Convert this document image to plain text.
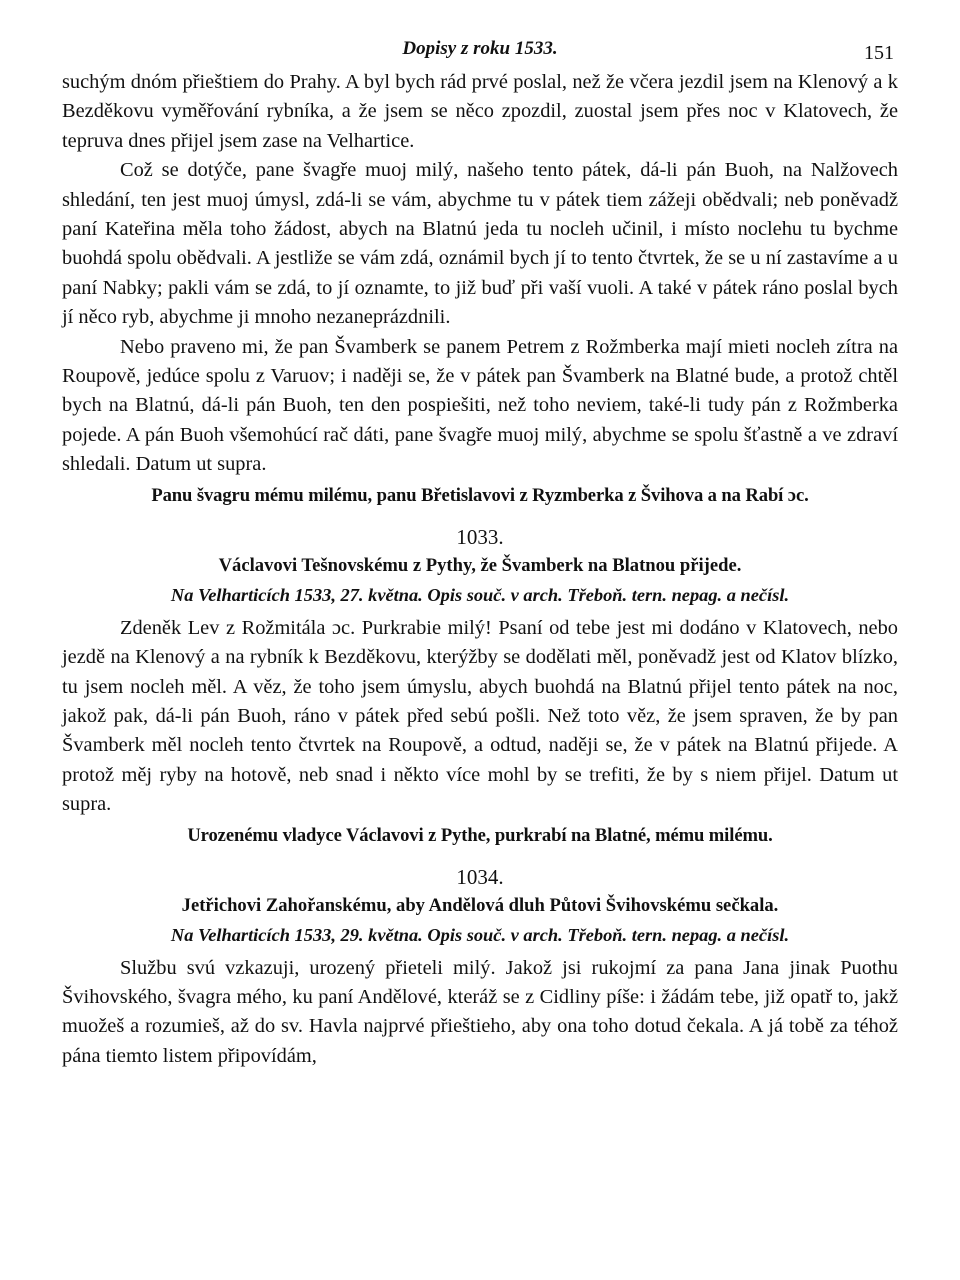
Dopisy z roku 1533.	151

suchým dnóm přieštiem do Prahy. A byl bych rád prvé poslal, než že včera jezdil jsem na Klenový a k Bezděkovu vyměřování rybníka, a že jsem se něco zpozdil, zuostal jsem přes noc v Klatovech, že tepruva dnes přijel jsem zase na Velhartice.

Což se dotýče, pane švagře muoj milý, našeho tento pátek, dá-li pán Buoh, na Nalžovech shledání, ten jest muoj úmysl, zdá-li se vám, abychme tu v pátek tiem zážeji obědvali; neb poněvadž paní Kateřina měla toho žádost, abych na Blatnú jeda tu nocleh učinil, i místo noclehu tu bychme buohdá spolu obědvali. A jestliže se vám zdá, oznámil bych jí to tento čtvrtek, že se u ní zastavíme a u paní Nabky; pakli vám se zdá, to jí oznamte, to již buď při vaší vuoli. A také v pátek ráno poslal bych jí něco ryb, abychme ji mnoho nezaneprázdnili.

Nebo praveno mi, že pan Švamberk se panem Petrem z Rožmberka mají mieti nocleh zítra na Roupově, jedúce spolu z Varuov; i naději se, že v pátek pan Švamberk na Blatné bude, a protož chtěl bych na Blatnú, dá-li pán Buoh, ten den pospiešiti, než toho neviem, také-li tudy pán z Rožmberka pojede. A pán Buoh všemohúcí rač dáti, pane švagře muoj milý, abychme se spolu šťastně a ve zdraví shledali. Datum ut supra.

Panu švagru mému milému, panu Břetislavovi z Ryzmberka z Švihova a na Rabí ɔc.

1033.
Václavovi Tešnovskému z Pythy, že Švamberk na Blatnou přijede.
Na Velharticích 1533, 27. května. Opis souč. v arch. Třeboň. tern. nepag. a nečísl.

Zdeněk Lev z Rožmitála ɔc. Purkrabie milý! Psaní od tebe jest mi dodáno v Klatovech, nebo jezdě na Klenový a na rybník k Bezděkovu, kterýžby se dodělati měl, poněvadž jest od Klatov blízko, tu jsem nocleh měl. A věz, že toho jsem úmyslu, abych buohdá na Blatnú přijel tento pátek na noc, jakož pak, dá-li pán Buoh, ráno v pátek před sebú pošli. Než toto věz, že jsem spraven, že by pan Švamberk měl nocleh tento čtvrtek na Roupově, a odtud, naději se, že v pátek na Blatnú přijede. A protož měj ryby na hotově, neb snad i někto více mohl by se trefiti, že by s niem přijel. Datum ut supra.

Urozenému vladyce Václavovi z Pythe, purkrabí na Blatné, mému milému.

1034.
Jetřichovi Zahořanskému, aby Andělová dluh Půtovi Švihovskému sečkala.
Na Velharticích 1533, 29. května. Opis souč. v arch. Třeboň. tern. nepag. a nečísl.

Službu svú vzkazuji, urozený přieteli milý. Jakož jsi rukojmí za pana Jana jinak Puothu Švihovského, švagra mého, ku paní Andělové, kteráž se z Cidliny píše: i žádám tebe, již opatř to, jakž muožeš a rozumieš, až do sv. Havla najprvé přieštieho, aby ona toho dotud čekala. A já tobě za téhož pána tiemto listem připovídám,
